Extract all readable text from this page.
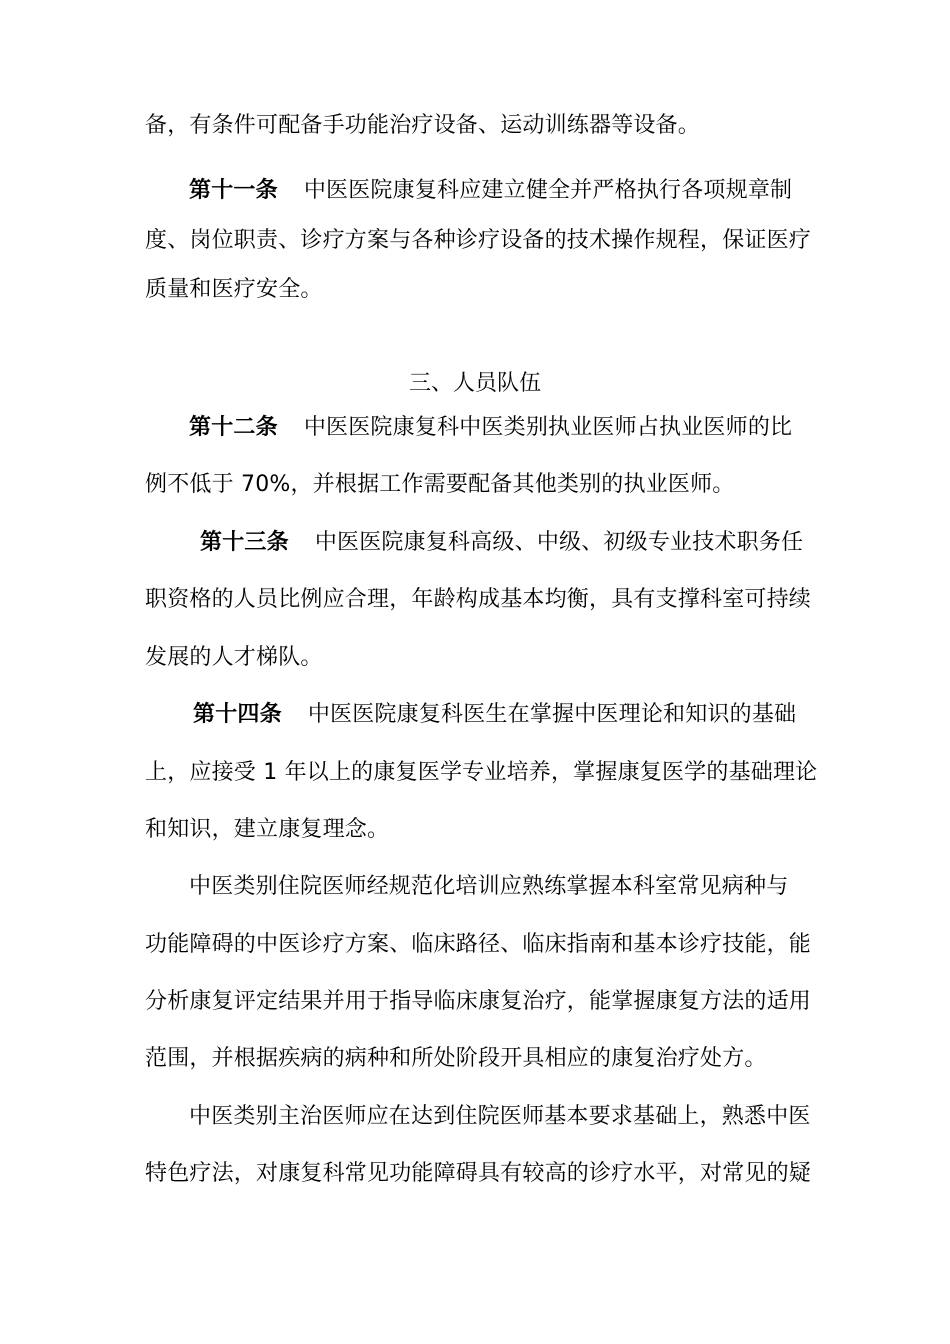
备，有条件可配备手功能治疗设备、运动训练器等设备。
第十一条 中医医院康复科应建立健全并严格执行各项规章制
度、岗位职责、诊疗方案与各种诊疗设备的技术操作规程，保证医疗
质量和医疗安全。
三、人员队伍
第十二条 中医医院康复科中医类别执业医师占执业医师的比
例不低于 70%，并根据工作需要配备其他类别的执业医师。
第十三条 中医医院康复科高级、中级、初级专业技术职务任
职资格的人员比例应合理，年龄构成基本均衡，具有支撑科室可持续
发展的人才梯队。
第十四条 中医医院康复科医生在掌握中医理论和知识的基础
上，应接受 1 年以上的康复医学专业培养，掌握康复医学的基础理论
和知识，建立康复理念。
中医类别住院医师经规范化培训应熟练掌握本科室常见病种与
功能障碍的中医诊疗方案、临床路径、临床指南和基本诊疗技能，能
分析康复评定结果并用于指导临床康复治疗，能掌握康复方法的适用
范围，并根据疾病的病种和所处阶段开具相应的康复治疗处方。
中医类别主治医师应在达到住院医师基本要求基础上，熟悉中医
特色疗法，对康复科常见功能障碍具有较高的诊疗水平，对常见的疑
